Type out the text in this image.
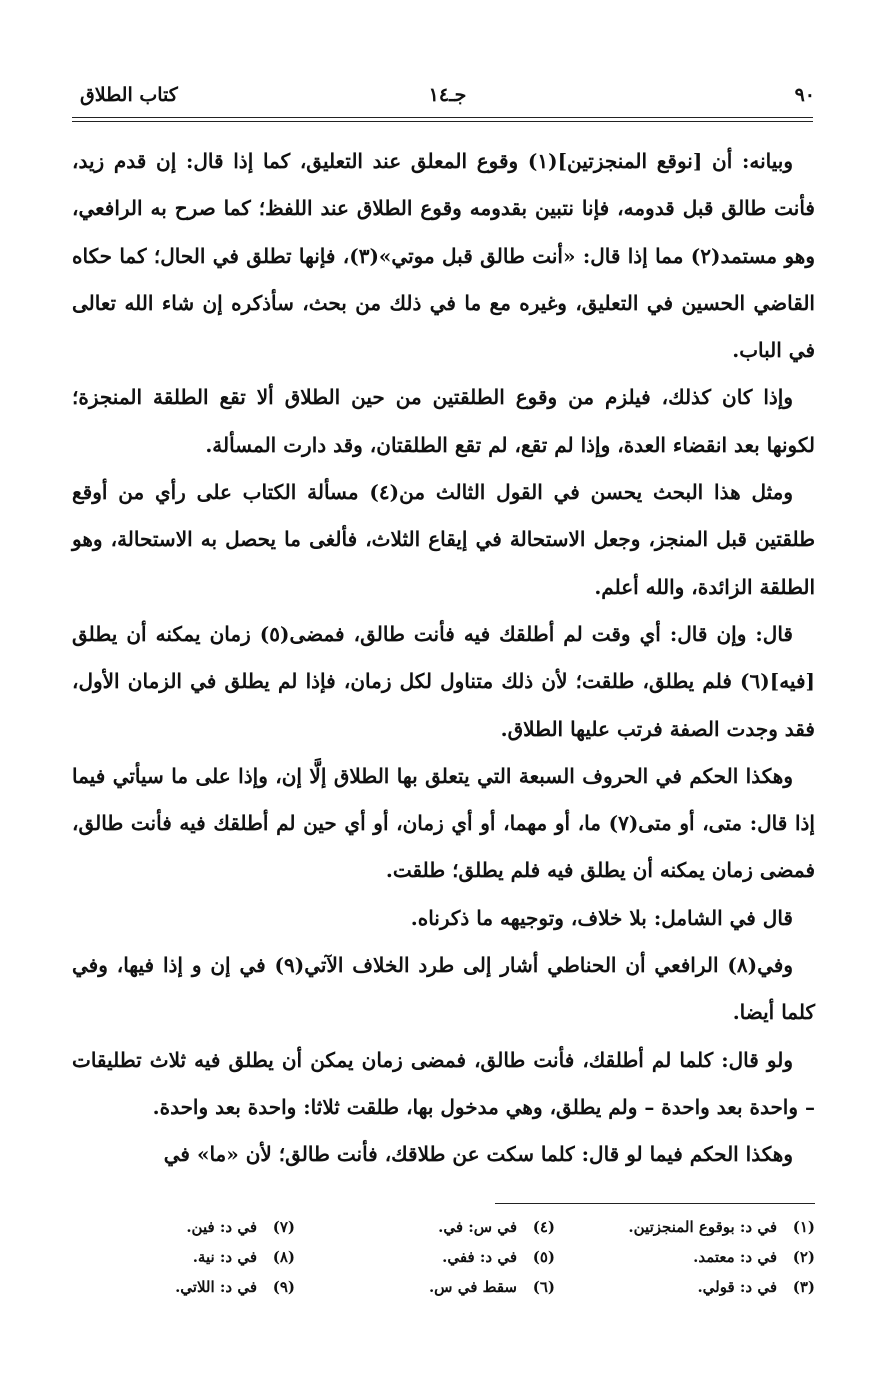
٩٠
جـ١٤
كتاب الطلاق

وبيانه: أن [نوقع المنجزتين](١) وقوع المعلق عند التعليق، كما إذا قال: إن قدم زيد، فأنت طالق قبل قدومه، فإنا نتبين بقدومه وقوع الطلاق عند اللفظ؛ كما صرح به الرافعي، وهو مستمد(٢) مما إذا قال: «أنت طالق قبل موتي»(٣)، فإنها تطلق في الحال؛ كما حكاه القاضي الحسين في التعليق، وغيره مع ما في ذلك من بحث، سأذكره إن شاء الله تعالى في الباب.

وإذا كان كذلك، فيلزم من وقوع الطلقتين من حين الطلاق ألا تقع الطلقة المنجزة؛ لكونها بعد انقضاء العدة، وإذا لم تقع، لم تقع الطلقتان، وقد دارت المسألة.

ومثل هذا البحث يحسن في القول الثالث من(٤) مسألة الكتاب على رأي من أوقع طلقتين قبل المنجز، وجعل الاستحالة في إيقاع الثلاث، فألغى ما يحصل به الاستحالة، وهو الطلقة الزائدة، والله أعلم.

قال: وإن قال: أي وقت لم أطلقك فيه فأنت طالق، فمضى(٥) زمان يمكنه أن يطلق [فيه](٦) فلم يطلق، طلقت؛ لأن ذلك متناول لكل زمان، فإذا لم يطلق في الزمان الأول، فقد وجدت الصفة فرتب عليها الطلاق.

وهكذا الحكم في الحروف السبعة التي يتعلق بها الطلاق إلَّا إن، وإذا على ما سيأتي فيما إذا قال: متى، أو متى(٧) ما، أو مهما، أو أي زمان، أو أي حين لم أطلقك فيه فأنت طالق، فمضى زمان يمكنه أن يطلق فيه فلم يطلق؛ طلقت.

قال في الشامل: بلا خلاف، وتوجيهه ما ذكرناه.

وفي(٨) الرافعي أن الحناطي أشار إلى طرد الخلاف الآتي(٩) في إن و إذا فيها، وفي كلما أيضا.

ولو قال: كلما لم أطلقك، فأنت طالق، فمضى زمان يمكن أن يطلق فيه ثلاث تطليقات – واحدة بعد واحدة – ولم يطلق، وهي مدخول بها، طلقت ثلاثا: واحدة بعد واحدة.

وهكذا الحكم فيما لو قال: كلما سكت عن طلاقك، فأنت طالق؛ لأن «ما» في

(١)في د: بوقوع المنجزتين.
(٢)في د: معتمد.
(٣)في د: قولي.
(٤)في س: في.
(٥)في د: ففي.
(٦)سقط في س.
(٧)في د: فين.
(٨)في د: نية.
(٩)في د: اللاتي.
